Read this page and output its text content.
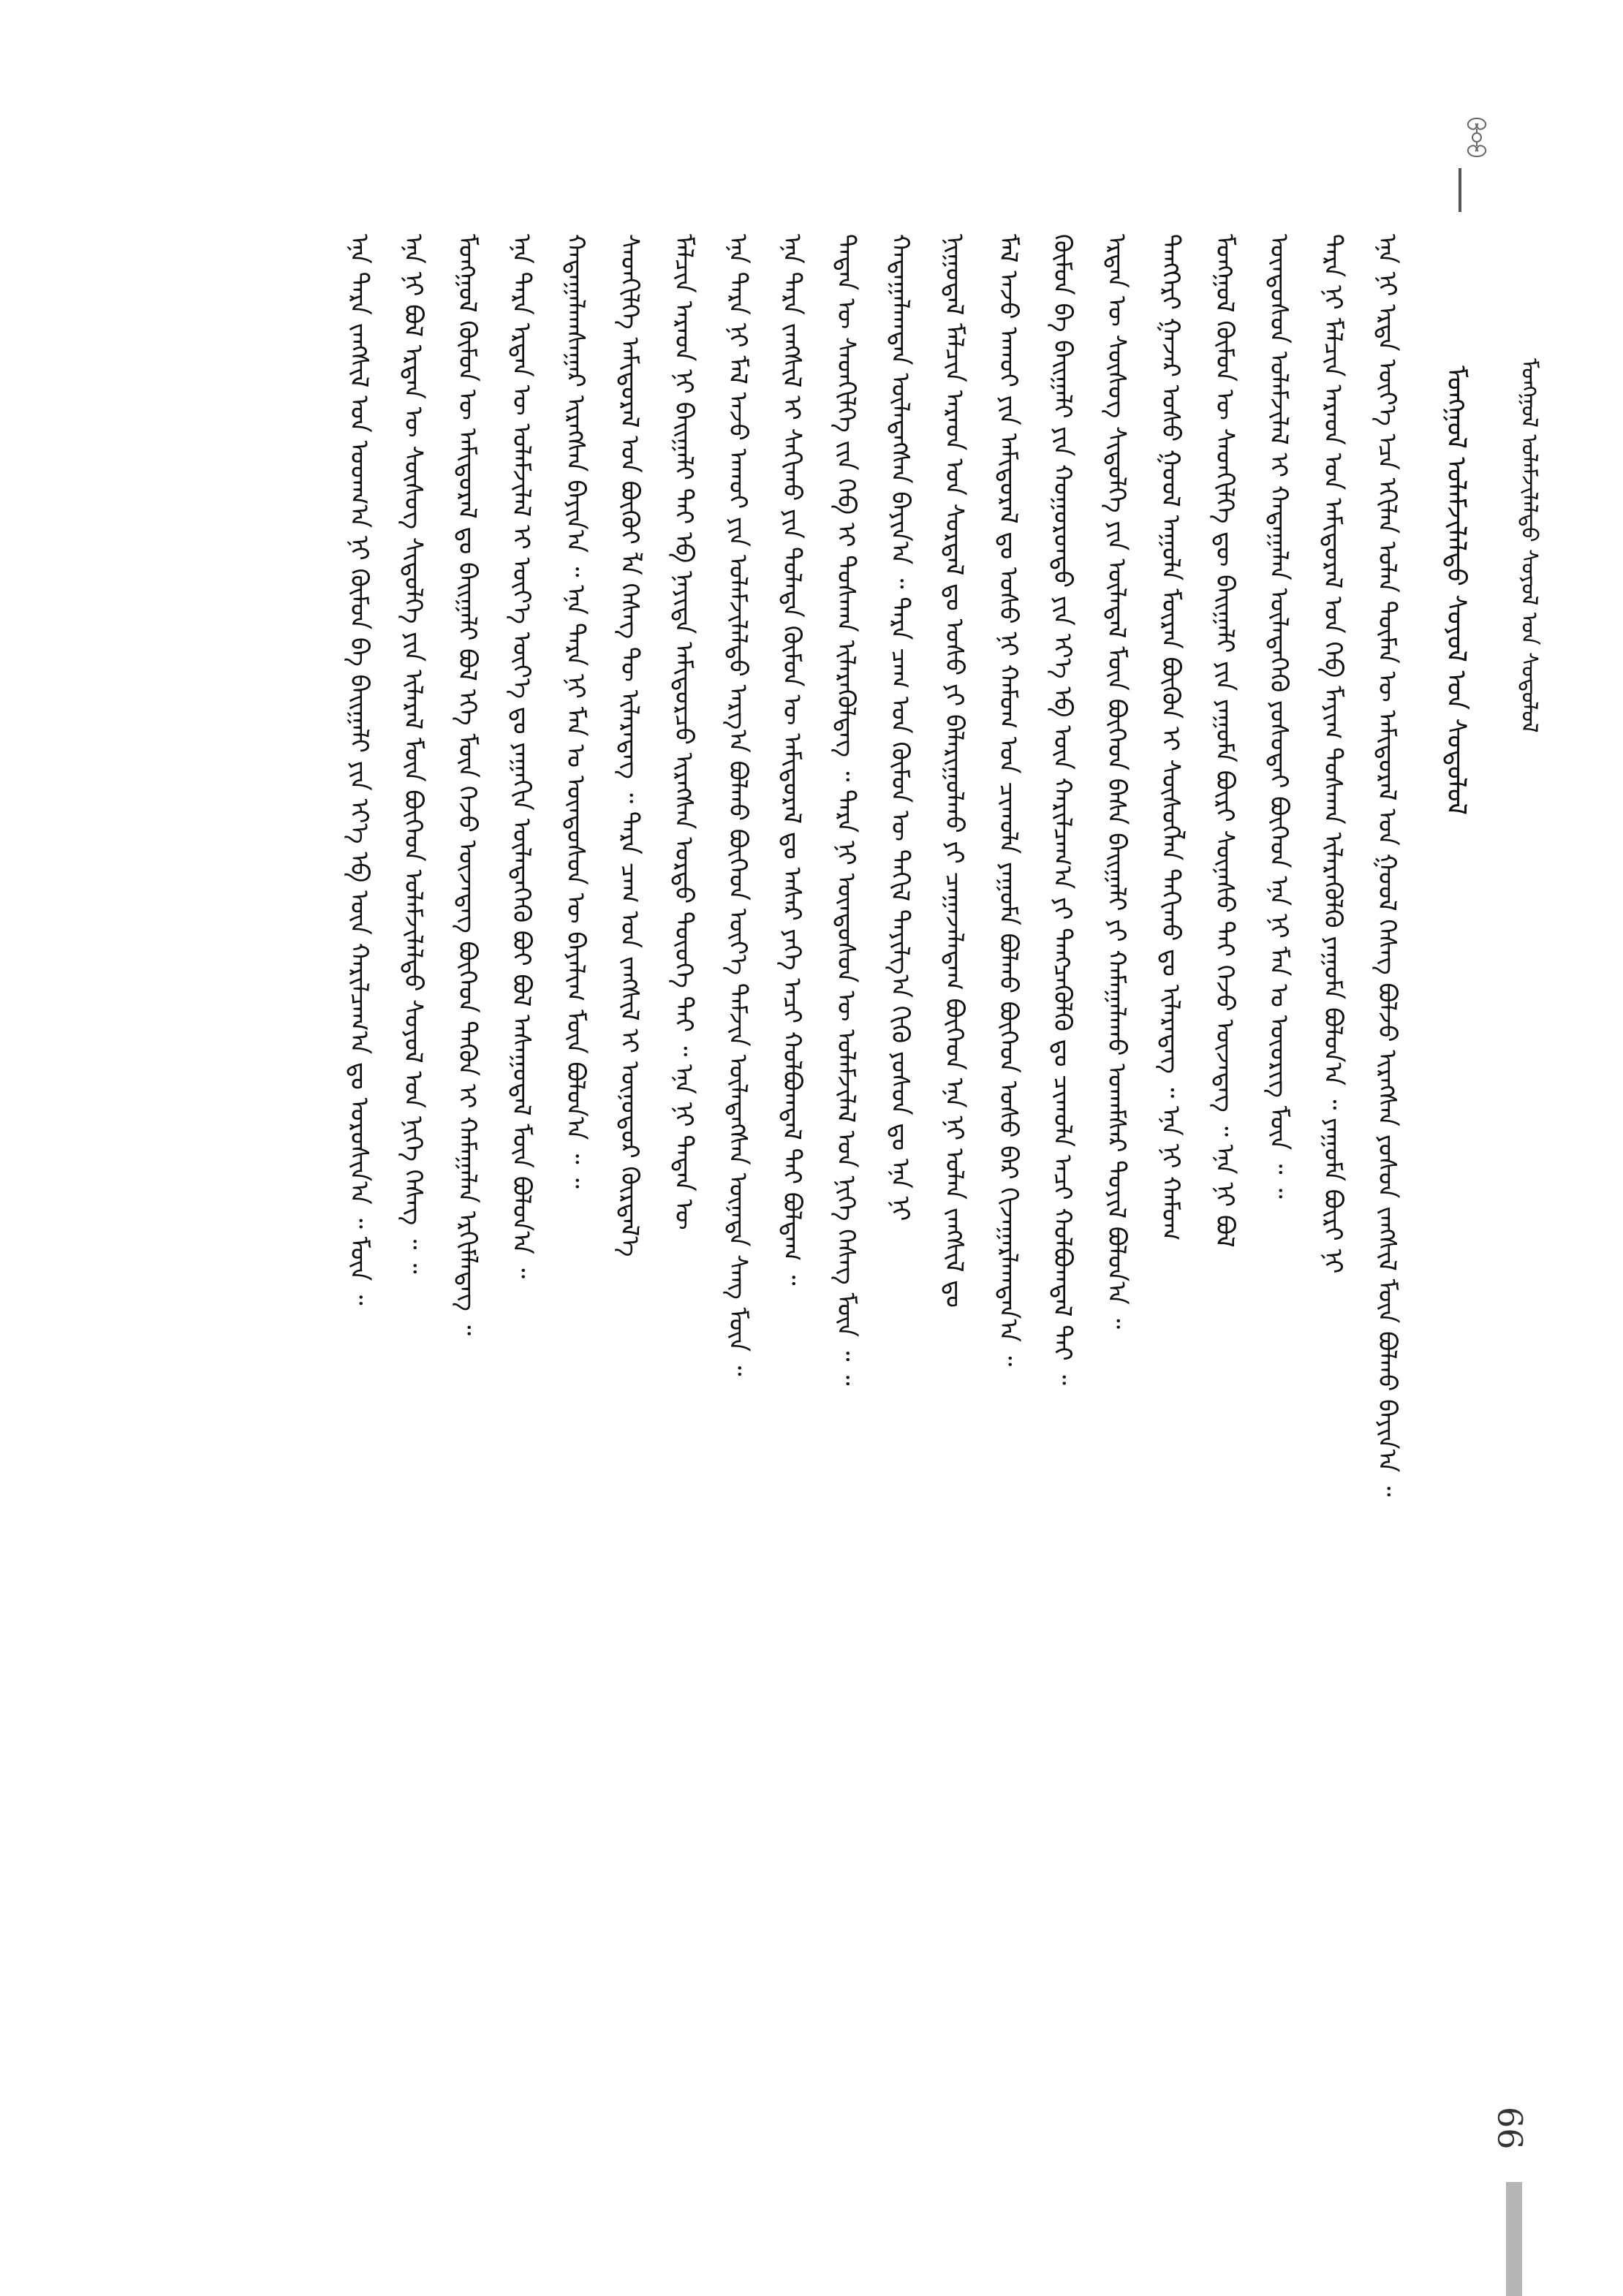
ᠮᠣᠩᠭᠣᠯ ᠤᠯᠠᠮᠵᠢᠯᠠᠯᠲᠤ ᠰᠣᠶᠣᠯ ᠤᠨ ᠰᠤᠳᠤᠯᠤᠯ	ᠮᠣᠩᠭᠣᠯ ᠤᠯᠠᠮᠵᠢᠯᠠᠯᠲᠤ ᠰᠣᠶᠣᠯ ᠤᠨ ᠰᠤᠳᠤᠯᠤᠯ
ᠡᠨᠡ ᠨᠢ ᠡᠷᠲᠡ ᠦᠶ᠎ᠡ ᠡᠴᠡ ᠡᠬᠢᠯᠡᠨ ᠣᠯᠠᠨ ᠲᠦᠮᠡᠨ ᠦ ᠠᠮᠢᠳᠤᠷᠠᠯ ᠤᠨ ᠭᠣᠣᠯ ᠬᠡᠰᠡᠭ ᠪᠣᠯᠵᠤ ᠢᠷᠡᠭᠰᠡᠨ ᠶᠣᠰᠤᠨ ᠵᠠᠩᠰᠢᠯ ᠮᠥᠨ ᠪᠣᠯᠬᠤ ᠪᠠᠶᠢᠨ᠎ᠠ ᠃
ᠲᠡᠷᠡ ᠨᠢ ᠮᠠᠯᠴᠢᠨ ᠠᠷᠠᠳ ᠤᠨ ᠠᠮᠢᠳᠤᠷᠠᠯ ᠤᠨ ᠬᠡᠪ ᠮᠠᠶᠢᠭ ᠲᠤᠰᠬᠠᠨ ᠢᠯᠡᠷᠡᠭᠦᠯᠬᠦ ᠶᠠᠭᠤᠮᠠ ᠪᠣᠯᠤᠨ᠎ᠠ ᠃ ᠶᠠᠭᠤᠮᠠ ᠪᠦᠷᠢ ᠨᠢ
ᠦᠨᠳᠦᠰᠦᠨ ᠤᠯᠠᠮᠵᠢᠯᠠᠯ ᠢ ᠬᠠᠳᠠᠭᠠᠯᠠᠨ ᠦᠯᠡᠳᠡᠭᠡᠬᠦ ᠶᠤᠰᠤᠲᠠᠢ ᠪᠥᠭᠡᠳ ᠡᠨᠡ ᠨᠢ ᠮᠠᠨ ᠤ ᠦᠦᠷᠢᠭ ᠮᠥᠨ ᠃ ᠃
ᠮᠣᠩᠭᠣᠯ ᠬᠦᠮᠦᠨ ᠦ ᠰᠡᠳᠬᠢᠯᠭᠡ ᠳᠦ ᠪᠠᠢᠭᠠᠯᠢ ᠶᠢᠨ ᠶᠠᠭᠤᠮᠠ ᠪᠦᠷᠢ ᠰᠦᠨᠡᠰᠦ ᠲᠡᠢ ᠭᠡᠵᠦ ᠦᠵᠡᠳᠡᠭ ᠃ ᠡᠨᠡ ᠨᠢ ᠪᠣᠯ
ᠲᠡᠩᠭᠡᠷᠢ ᠭᠠᠵᠠᠷ ᠤᠰᠤ ᠭᠣᠣᠯ ᠠᠭᠤᠯᠠ ᠮᠥᠷᠡᠨ ᠪᠦᠬᠦᠨ ᠢ ᠰᠦᠰᠦᠭᠯᠡᠨ ᠲᠠᠬᠢᠬᠤ ᠳᠤ ᠢᠯᠡᠷᠡᠳᠡᠭ ᠃ ᠡᠨᠡ ᠨᠢ ᠬᠠᠮᠤᠭ
ᠡᠷᠲᠡᠨ ᠦ ᠰᠦᠰᠦᠭ ᠰᠢᠲᠦᠯᠭᠡ ᠶᠢᠨ ᠦᠯᠡᠳᠡᠯ ᠮᠥᠨ ᠪᠥᠭᠡᠳ ᠪᠠᠰᠠ ᠪᠠᠢᠭᠠᠯᠢ ᠶᠢ ᠬᠠᠮᠠᠭᠠᠯᠠᠬᠤ ᠤᠬᠠᠮᠰᠠᠷ ᠲᠤᠶᠢᠯ ᠪᠣᠯᠤᠨ᠎ᠠ ᠃
ᠬᠦᠮᠦᠨ ᠪᠠ ᠪᠠᠢᠭᠠᠯᠢ ᠶᠢᠨ ᠬᠣᠭᠣᠷᠤᠨᠳᠤ ᠶᠢᠨ ᠡᠶ᠎ᠡ ᠡᠪ ᠦᠨ ᠬᠠᠷᠢᠯᠴᠠᠭ᠎ᠠ ᠶᠢ ᠲᠡᠩᠴᠡᠭᠦᠯᠬᠦ ᠳᠤ ᠴᠢᠬᠤᠯᠠ ᠠᠴᠢ ᠬᠣᠯᠪᠣᠭᠳᠠᠯ ᠲᠠᠢ ᠃
ᠮᠠᠯ ᠠᠵᠤ ᠠᠬᠤᠢ ᠶᠢᠨ ᠠᠮᠢᠳᠤᠷᠠᠯ ᠳᠤ ᠤᠰᠤ ᠨᠢ ᠬᠠᠮᠤᠭ ᠤᠨ ᠴᠢᠬᠤᠯᠠ ᠶᠠᠭᠤᠮᠠ ᠪᠣᠯᠬᠤ ᠪᠥᠭᠡᠳ ᠤᠰᠤ ᠪᠠᠷ ᠬᠢᠵᠠᠭᠠᠷᠯᠠᠭᠳᠠᠨ᠎ᠠ ᠃
ᠨᠢᠭᠤᠳᠠᠯ ᠮᠠᠯᠴᠢᠨ ᠠᠷᠠᠳ ᠤᠨ ᠰᠤᠷᠲᠠᠯ ᠳᠤ ᠤᠰᠤ ᠶᠢ ᠪᠠᠯᠠᠷᠢᠭᠤᠯᠬᠤ ᠶᠢ ᠴᠠᠭᠠᠵᠠᠯᠠᠳᠠᠭ ᠪᠥᠭᠡᠳ ᠡᠨᠡ ᠨᠢ ᠣᠯᠠᠨ ᠵᠠᠩᠰᠢᠯ ᠳᠤ
ᠬᠠᠳᠠᠭᠠᠯᠠᠭᠳᠠᠨ ᠦᠯᠡᠳᠡᠭᠰᠡᠨ ᠪᠠᠶᠢᠨ᠎ᠠ ᠃ ᠲᠡᠷᠡ ᠴᠠᠭ ᠤᠨ ᠬᠦᠮᠦᠨ ᠦ ᠲᠠᠬᠢᠯ ᠲᠠᠶᠢᠯᠭ᠎ᠠ ᠬᠢᠬᠦ ᠶᠣᠰᠤᠨ ᠳᠤ ᠡᠨᠡ ᠨᠢ
ᠲᠡᠳᠡᠨ ᠦ ᠰᠡᠳᠬᠢᠯᠭᠡ ᠵᠢᠨ ᠬᠡᠪ ᠢ ᠲᠤᠰᠬᠠᠨ ᠢᠯᠡᠷᠡᠭᠦᠯᠳᠡᠭ ᠃ ᠲᠡᠷᠡ ᠨᠢ ᠦᠨᠳᠦᠰᠦᠨ ᠦ ᠤᠯᠠᠮᠵᠢᠯᠠᠯ ᠤᠨ ᠨᠢᠭᠡ ᠬᠡᠰᠡᠭ ᠮᠥᠨ ᠃ ᠃
ᠡᠨᠡ ᠲᠡᠷᠡ ᠵᠠᠩᠰᠢᠯ ᠢ ᠰᠠᠬᠢᠬᠤ ᠶᠢᠨ ᠲᠤᠯᠠᠳᠠ ᠬᠦᠮᠦᠨ ᠦ ᠠᠮᠢᠳᠤᠷᠠᠯ ᠳᠤ ᠠᠰᠠᠷ ᠶᠡᠬᠡ ᠠᠴᠢ ᠬᠣᠯᠪᠣᠭᠳᠠᠯ ᠲᠠᠢ ᠪᠣᠯᠳᠠᠭ ᠃
ᠡᠨᠡ ᠲᠡᠷᠡ ᠨᠢ ᠮᠠᠯ ᠠᠵᠤ ᠠᠬᠤᠢ ᠶᠢᠨ ᠤᠯᠠᠮᠵᠢᠯᠠᠯᠲᠤ ᠠᠷᠭ᠎ᠠ ᠪᠣᠯᠬᠤ ᠪᠥᠭᠡᠳ ᠦᠶ᠎ᠡ ᠳᠠᠮᠵᠢᠨ ᠦᠯᠡᠳᠡᠭᠰᠡᠨ ᠦᠨᠡᠲᠡ ᠰᠠᠩ ᠮᠥᠨ ᠃
ᠮᠠᠯᠴᠢᠨ ᠠᠷᠠᠳ ᠨᠢ ᠪᠠᠢᠭᠠᠯᠢ ᠲᠠᠢ ᠡᠪ ᠨᠡᠶᠢᠲᠡ ᠠᠮᠢᠳᠤᠷᠴᠤ ᠢᠷᠡᠭᠰᠡᠨ ᠤᠷᠲᠤ ᠲᠦᠦᠬᠡ ᠲᠠᠢ ᠃ ᠡᠨᠡ ᠨᠢ ᠲᠡᠳᠡᠨ ᠦ
ᠰᠡᠳᠬᠢᠯᠭᠡ ᠠᠮᠢᠳᠤᠷᠠᠯ ᠤᠨ ᠪᠦᠬᠦᠢ ᠯᠠ ᠬᠡᠰᠡᠭ ᠲᠦ ᠢᠯᠡᠷᠡᠳᠡᠭ ᠃ ᠲᠡᠷᠡ ᠴᠠᠭ ᠤᠨ ᠵᠠᠩᠰᠢᠯ ᠢ ᠦᠨᠦᠳᠦᠷ ᠬᠦᠷᠲᠡᠯ᠎ᠡ
ᠬᠠᠳᠠᠭᠠᠯᠠᠭᠰᠠᠭᠠᠷ ᠢᠷᠡᠭᠰᠡᠨ ᠪᠠᠶᠢᠨ᠎ᠠ ᠃ ᠡᠨᠡ ᠲᠡᠷᠡ ᠨᠢ ᠮᠠᠨ ᠤ ᠦᠨᠳᠦᠰᠦᠨ ᠦ ᠪᠠᠶᠠᠯᠢᠭ ᠮᠥᠨ ᠪᠣᠯᠤᠨ᠎ᠠ ᠃ ᠃
ᠡᠨᠡ ᠲᠡᠷᠡ ᠡᠷᠲᠡᠨ ᠦ ᠤᠯᠠᠮᠵᠢᠯᠠᠯ ᠢ ᠦᠶ᠎ᠡ ᠦᠶ᠎ᠡ ᠳᠤ ᠶᠠᠭᠠᠬᠢᠨ ᠦᠯᠡᠳᠡᠭᠡᠬᠦ ᠪᠤᠢ ᠪᠣᠯ ᠠᠰᠠᠭᠤᠳᠠᠯ ᠮᠥᠨ ᠪᠣᠯᠤᠨ᠎ᠠ ᠃
ᠮᠣᠩᠭᠣᠯ ᠬᠦᠮᠦᠨ ᠦ ᠠᠮᠢᠳᠤᠷᠠᠯ ᠳᠤ ᠪᠠᠢᠭᠠᠯᠢ ᠪᠣᠯ ᠡᠬᠡ ᠮᠥᠨ ᠭᠡᠵᠦ ᠦᠵᠡᠳᠡᠭ ᠪᠥᠭᠡᠳ ᠲᠡᠭᠦᠨ ᠢ ᠬᠠᠮᠠᠭᠠᠯᠠᠨ ᠡᠷᠬᠢᠮᠯᠡᠳᠡᠭ ᠃
ᠡᠨᠡ ᠨᠢ ᠪᠣᠯ ᠡᠷᠲᠡᠨ ᠦ ᠰᠦᠰᠦᠭ ᠰᠢᠲᠦᠯᠭᠡ ᠶᠢᠨ ᠢᠯᠡᠷᠡᠯ ᠮᠥᠨ ᠪᠥᠭᠡᠳ ᠤᠯᠠᠮᠵᠢᠯᠠᠯᠲᠤ ᠰᠣᠶᠣᠯ ᠤᠨ ᠨᠢᠭᠡ ᠬᠡᠰᠡᠭ ᠃ ᠃
ᠡᠨᠡ ᠲᠡᠷᠡ ᠵᠠᠩᠰᠢᠯ ᠤᠨ ᠤᠳᠬ᠎ᠠ ᠨᠢ ᠬᠦᠮᠦᠨ ᠪᠠ ᠪᠠᠢᠭᠠᠯᠢ ᠶᠢᠨ ᠡᠶ᠎ᠡ ᠡᠪ ᠦᠨ ᠬᠠᠷᠢᠯᠴᠠᠭ᠎ᠠ ᠳᠤ ᠣᠷᠣᠰᠢᠨ᠎ᠠ ᠃ ᠮᠥᠨ ᠃
99
